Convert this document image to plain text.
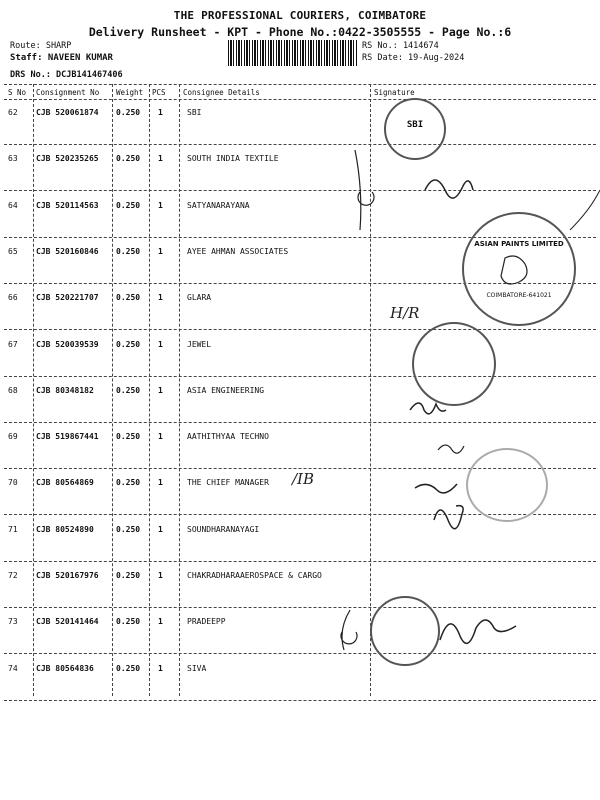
THE PROFESSIONAL COURIERS, COIMBATORE
Delivery Runsheet - KPT - Phone No.:0422-3505555 - Page No.:6
Route: SHARP
Staff: NAVEEN KUMAR
DRS No.: DCJB141467406
RS No.: 1414674
RS Date: 19-Aug-2024
S No Consignment No Weight PCS Consignee Details	Signature
62 CJB 520061874 0.250 1	SBI
63 CJB 520235265 0.250 1	SOUTH INDIA TEXTILE
64 CJB 520114563 0.250 1	SATYANARAYANA
65 CJB 520160846 0.250 1	AYEE AHMAN ASSOCIATES
66 CJB 520221707 0.250 1	GLARA
67 CJB 520039539 0.250 1	JEWEL
68 CJB 80348182	0.250 1	ASIA ENGINEERING
69 CJB 519867441 0.250 1	AATHITHYAA TECHNO
70 CJB 80564869	0.250 1	THE CHIEF MANAGER
71 CJB 80524890	0.250 1	SOUNDHARANAYAGI
72 CJB 520167976 0.250 1	CHAKRADHARAAEROSPACE & CARGO
73 CJB 520141464 0.250 1	PRADEEPP
74 CJB 80564836	0.250 1	SIVA
SBI
ASIAN PAINTS LIMITED
COIMBATORE-641021
H/R
/IB
